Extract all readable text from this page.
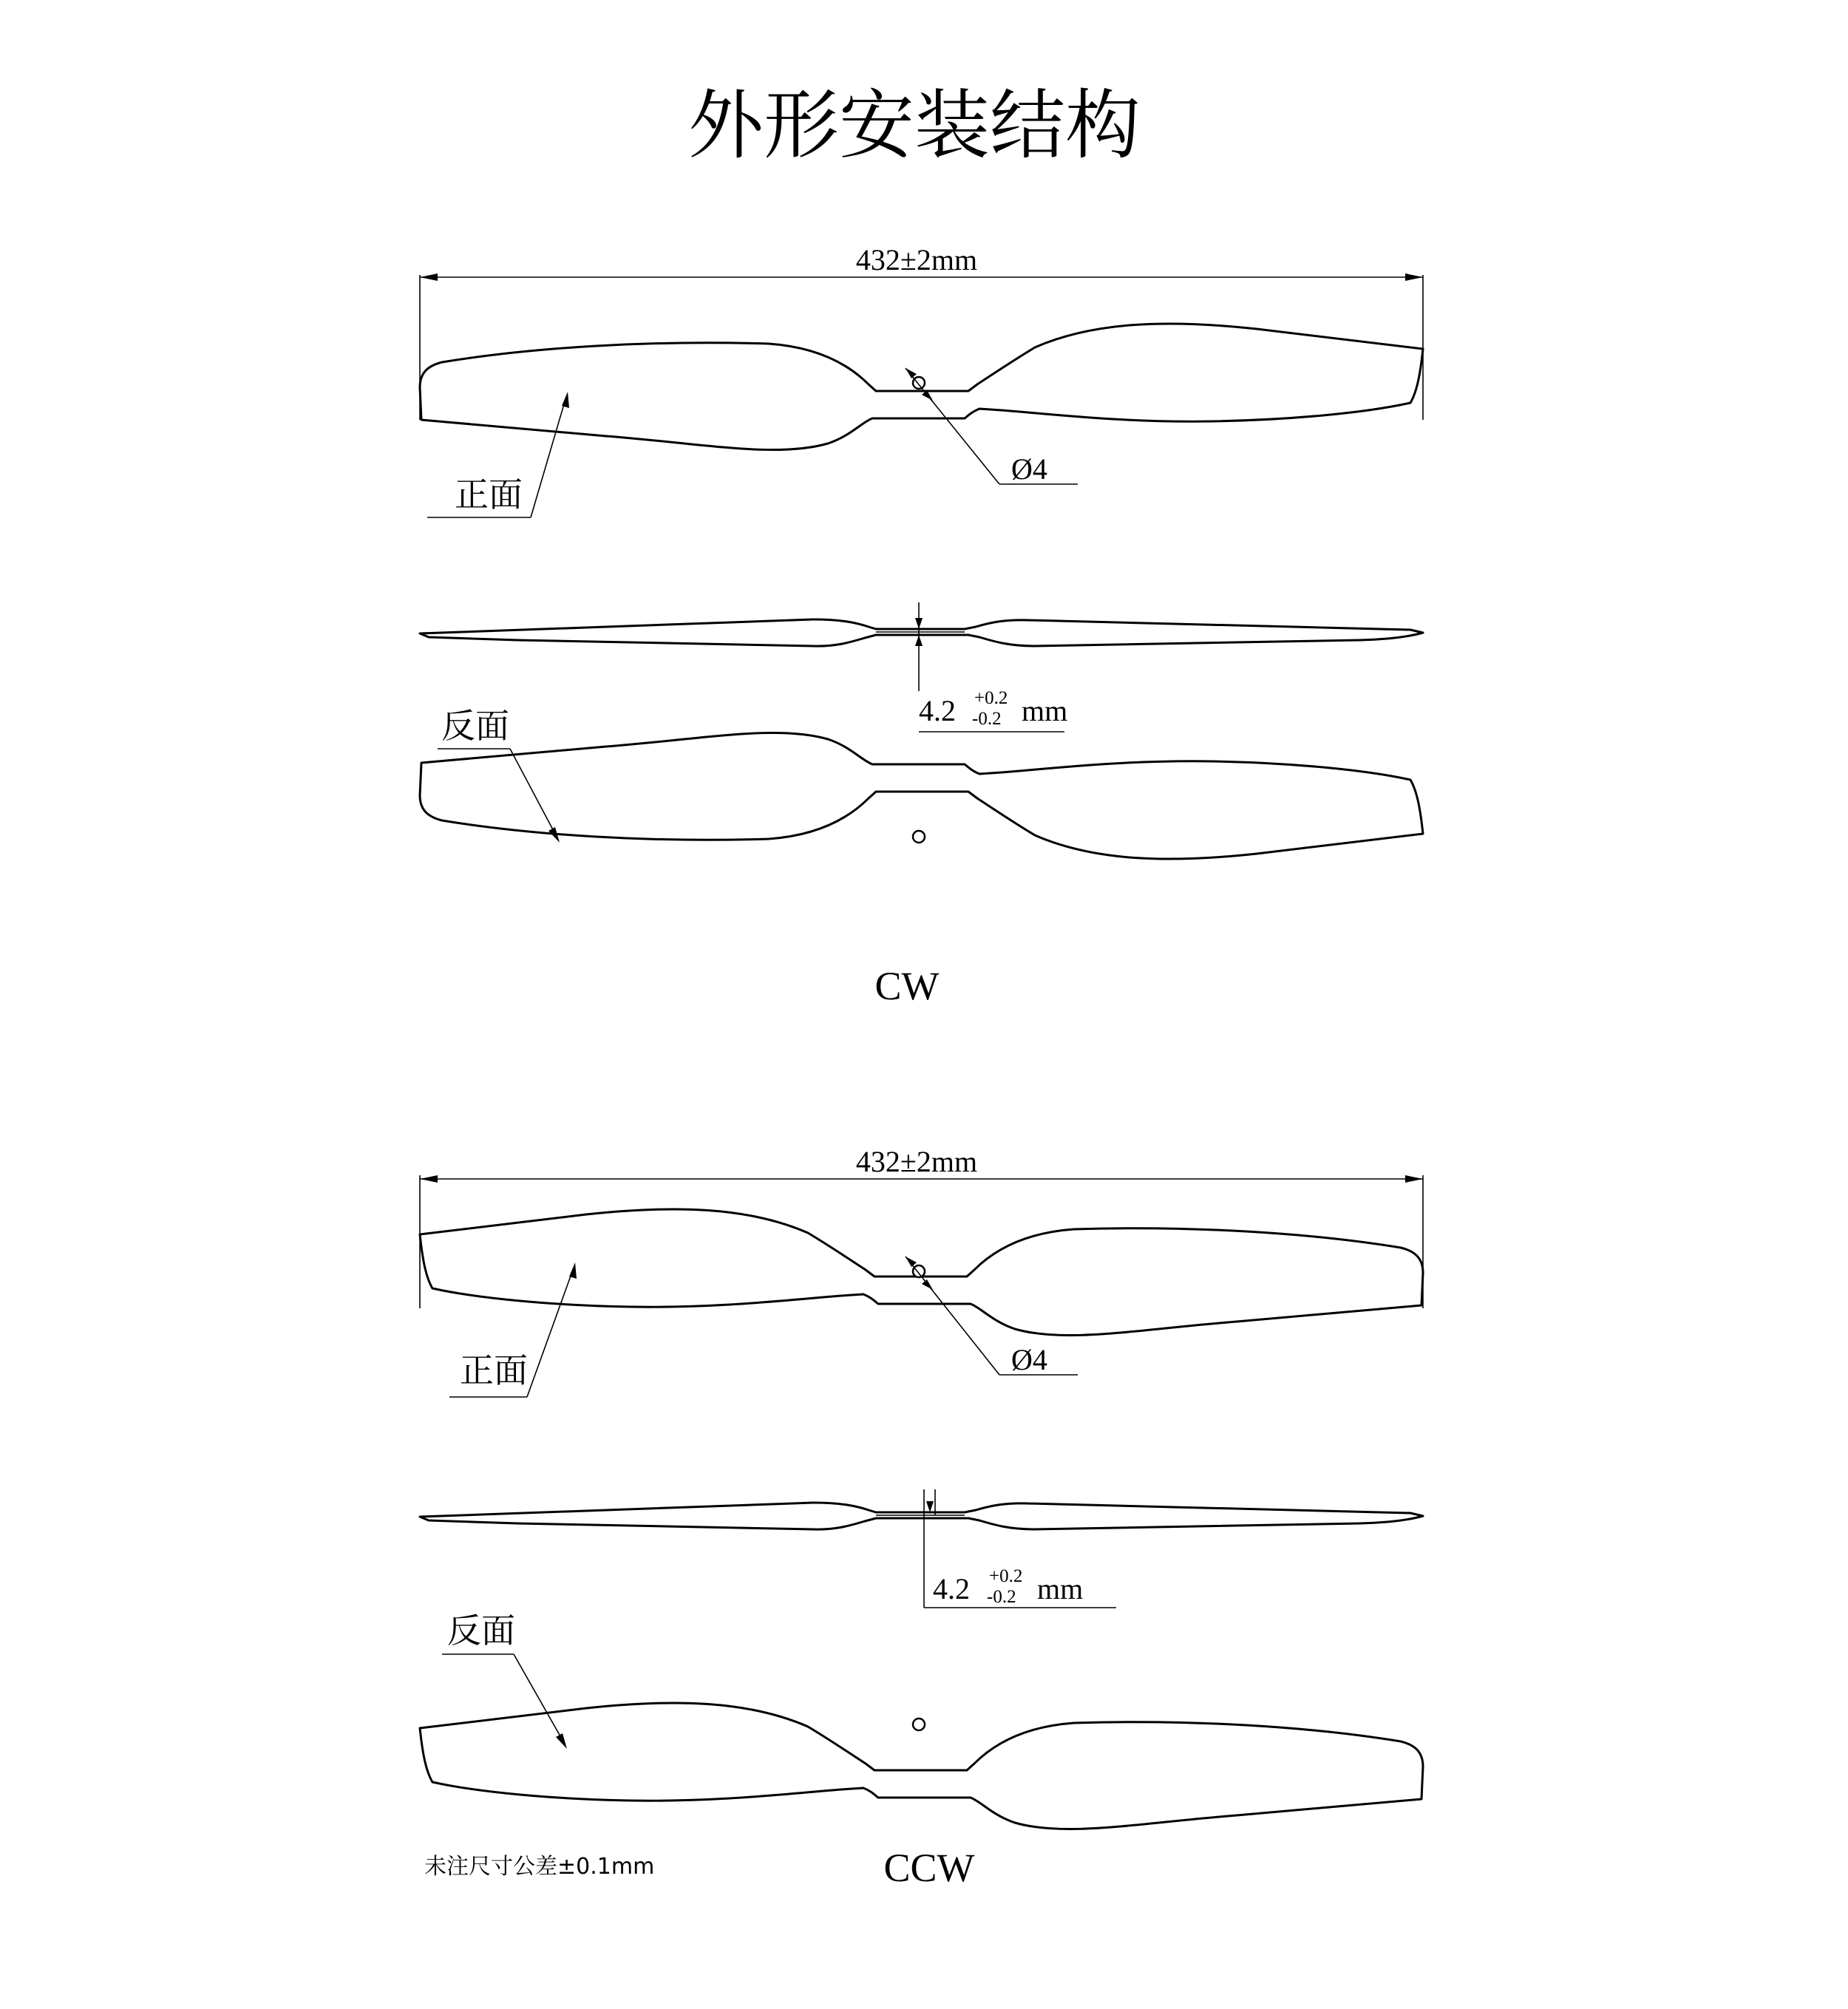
外形安装结构
432±2mm
Ø4
正面
4.2 +0.2
-0.2 mm
反面
CW
432±2mm
Ø4
正面
4.2 +0.2
-0.2 mm
反面
CCW
未注尺寸公差±0.1mm
